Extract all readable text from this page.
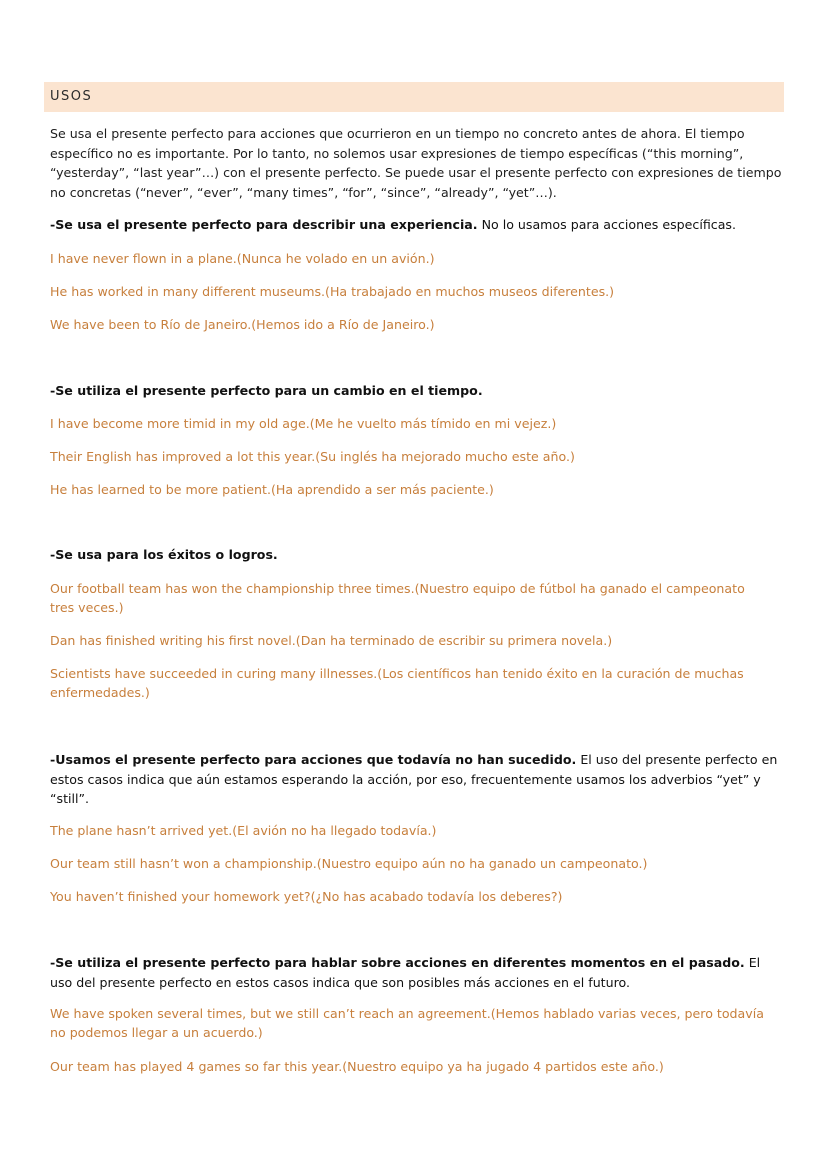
USOS

Se usa el presente perfecto para acciones que ocurrieron en un tiempo no concreto antes de ahora. El tiempo específico no es importante. Por lo tanto, no solemos usar expresiones de tiempo específicas (“this morning”, “yesterday”, “last year”…) con el presente perfecto. Se puede usar el presente perfecto con expresiones de tiempo no concretas (“never”, “ever”, “many times”, “for”, “since”, “already”, “yet”…).

-Se usa el presente perfecto para describir una experiencia. No lo usamos para acciones específicas.

I have never flown in a plane.(Nunca he volado en un avión.)

He has worked in many different museums.(Ha trabajado en muchos museos diferentes.)

We have been to Río de Janeiro.(Hemos ido a Río de Janeiro.)

-Se utiliza el presente perfecto para un cambio en el tiempo.

I have become more timid in my old age.(Me he vuelto más tímido en mi vejez.)

Their English has improved a lot this year.(Su inglés ha mejorado mucho este año.)

He has learned to be more patient.(Ha aprendido a ser más paciente.)

-Se usa para los éxitos o logros.

Our football team has won the championship three times.(Nuestro equipo de fútbol ha ganado el campeonato tres veces.)

Dan has finished writing his first novel.(Dan ha terminado de escribir su primera novela.)

Scientists have succeeded in curing many illnesses.(Los científicos han tenido éxito en la curación de muchas enfermedades.)

-Usamos el presente perfecto para acciones que todavía no han sucedido. El uso del presente perfecto en estos casos indica que aún estamos esperando la acción, por eso, frecuentemente usamos los adverbios “yet” y “still”.

The plane hasn’t arrived yet.(El avión no ha llegado todavía.)

Our team still hasn’t won a championship.(Nuestro equipo aún no ha ganado un campeonato.)

You haven’t finished your homework yet?(¿No has acabado todavía los deberes?)

-Se utiliza el presente perfecto para hablar sobre acciones en diferentes momentos en el pasado. El uso del presente perfecto en estos casos indica que son posibles más acciones en el futuro.

We have spoken several times, but we still can’t reach an agreement.(Hemos hablado varias veces, pero todavía no podemos llegar a un acuerdo.)

Our team has played 4 games so far this year.(Nuestro equipo ya ha jugado 4 partidos este año.)
